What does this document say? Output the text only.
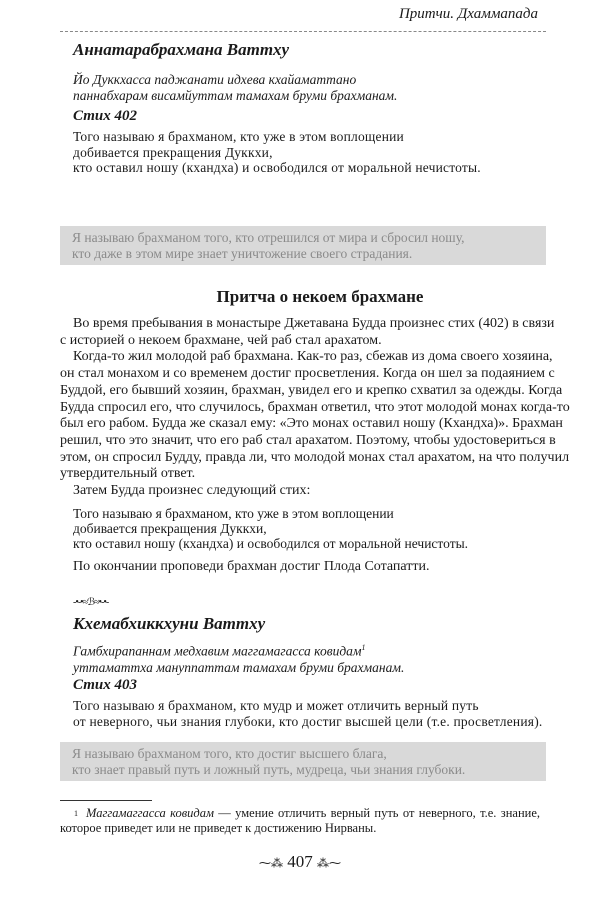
Притчи. Дхаммапада
Аннатарабрахмана Ваттху
Йо Дуккхасса паджанати идхева кхайаматтано
паннабхарам висамйуттам тамахам бруми брахманам.
Стих 402
Того называю я брахманом, кто уже в этом воплощении
добивается прекращения Дуккхи,
кто оставил ношу (кхандха) и освободился от моральной нечистоты.
Я называю брахманом того, кто отрешился от мира и сбросил ношу,
кто даже в этом мире знает уничтожение своего страдания.
Притча о некоем брахмане
Во время пребывания в монастыре Джетавана Будда произнес стих (402) в связи
с историей о некоем брахмане, чей раб стал арахатом.
Когда-то жил молодой раб брахмана. Как-то раз, сбежав из дома своего хозяина,
он стал монахом и со временем достиг просветления. Когда он шел за подаянием с
Буддой, его бывший хозяин, брахман, увидел его и крепко схватил за одежды. Когда
Будда спросил его, что случилось, брахман ответил, что этот молодой монах когда-то
был его рабом. Будда же сказал ему: «Это монах оставил ношу (Кхандха)». Брахман
решил, что это значит, что его раб стал арахатом. Поэтому, чтобы удостовериться в
этом, он спросил Будду, правда ли, что молодой монах стал арахатом, на что получил
утвердительный ответ.
Затем Будда произнес следующий стих:
Того называю я брахманом, кто уже в этом воплощении
добивается прекращения Дуккхи,
кто оставил ношу (кхандха) и освободился от моральной нечистоты.
По окончании проповеди брахман достиг Плода Сотапатти.
-•-•≈ℬ≈•-•-
Кхемабхиккхуни Ваттху
Гамбхирапаннам медхавим маггамагасса ковидам$^1$
уттаматтха мануппаттам тамахам бруми брахманам.
Стих 403
Того называю я брахманом, кто мудр и может отличить верный путь
от неверного, чьи знания глубоки, кто достиг высшей цели (т.е. просветления).
Я называю брахманом того, кто достиг высшего блага,
кто знает правый путь и ложный путь, мудреца, чьи знания глубоки.
$^1$ Маггамаггасса ковидам — умение отличить верный путь от неверного, т.е. знание,
которое приведет или не приведет к достижению Нирваны.
⁓⁂ 407 ⁂⁓
